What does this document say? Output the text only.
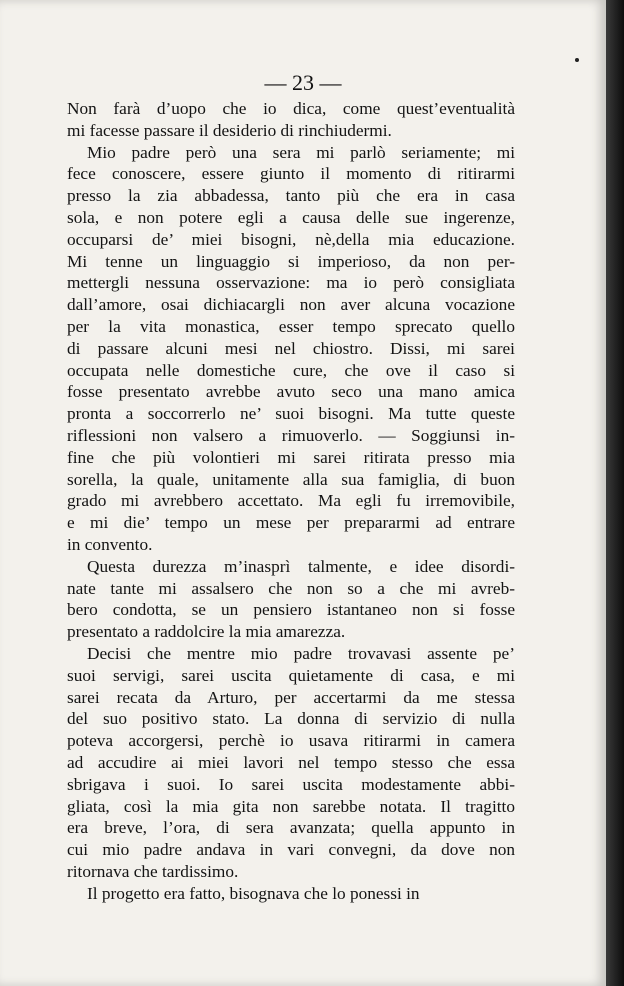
— 23 —
Non farà d’uopo che io dica, come quest’eventualità
mi facesse passare il desiderio di rinchiudermi.
Mio padre però una sera mi parlò seriamente; mi
fece conoscere, essere giunto il momento di ritirarmi
presso la zia abbadessa, tanto più che era in casa
sola, e non potere egli a causa delle sue ingerenze,
occuparsi de’ miei bisogni, nè,della mia educazione.
Mi tenne un linguaggio si imperioso, da non per-
mettergli nessuna osservazione: ma io però consigliata
dall’amore, osai dichiacargli non aver alcuna vocazione
per la vita monastica, esser tempo sprecato quello
di passare alcuni mesi nel chiostro. Dissi, mi sarei
occupata nelle domestiche cure, che ove il caso si
fosse presentato avrebbe avuto seco una mano amica
pronta a soccorrerlo ne’ suoi bisogni. Ma tutte queste
riflessioni non valsero a rimuoverlo. — Soggiunsi in-
fine che più volontieri mi sarei ritirata presso mia
sorella, la quale, unitamente alla sua famiglia, di buon
grado mi avrebbero accettato. Ma egli fu irremovibile,
e mi die’ tempo un mese per prepararmi ad entrare
in convento.
Questa durezza m’inasprì talmente, e idee disordi-
nate tante mi assalsero che non so a che mi avreb-
bero condotta, se un pensiero istantaneo non si fosse
presentato a raddolcire la mia amarezza.
Decisi che mentre mio padre trovavasi assente pe’
suoi servigi, sarei uscita quietamente di casa, e mi
sarei recata da Arturo, per accertarmi da me stessa
del suo positivo stato. La donna di servizio di nulla
poteva accorgersi, perchè io usava ritirarmi in camera
ad accudire ai miei lavori nel tempo stesso che essa
sbrigava i suoi. Io sarei uscita modestamente abbi-
gliata, così la mia gita non sarebbe notata. Il tragitto
era breve, l’ora, di sera avanzata; quella appunto in
cui mio padre andava in vari convegni, da dove non
ritornava che tardissimo.
Il progetto era fatto, bisognava che lo ponessi in
